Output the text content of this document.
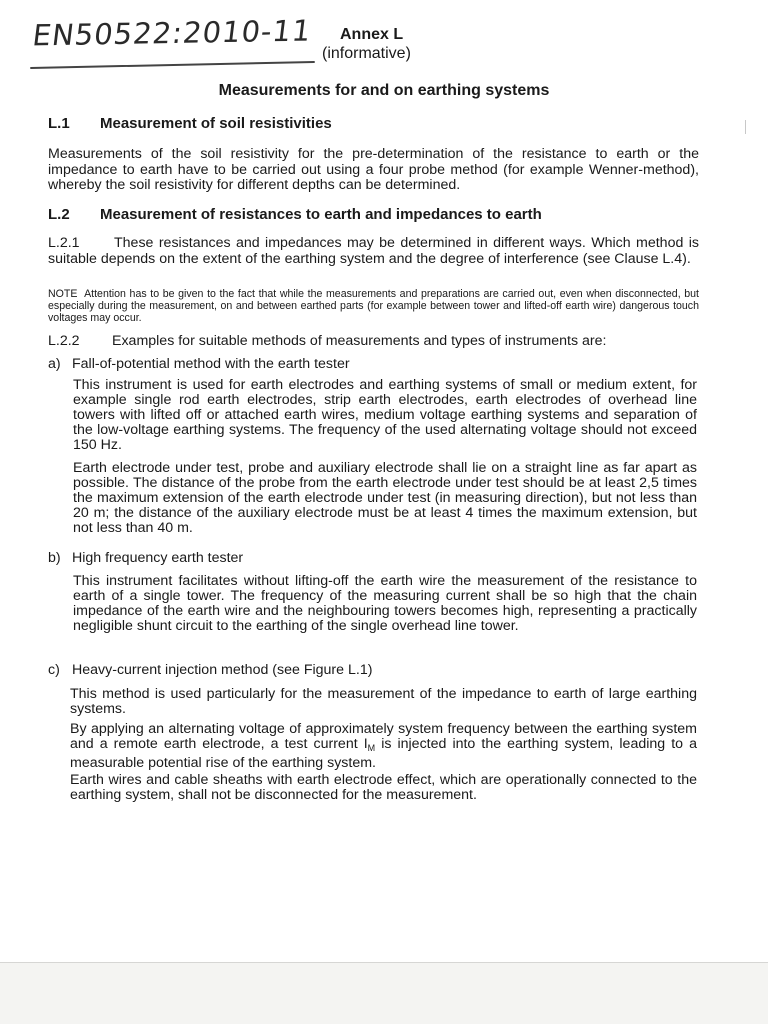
EN50522:2010-11 Annex L
(informative)
Measurements for and on earthing systems
L.1 Measurement of soil resistivities
Measurements of the soil resistivity for the pre-determination of the resistance to earth or the impedance to earth have to be carried out using a four probe method (for example Wenner-method), whereby the soil resistivity for different depths can be determined.
L.2 Measurement of resistances to earth and impedances to earth
L.2.1 These resistances and impedances may be determined in different ways. Which method is suitable depends on the extent of the earthing system and the degree of interference (see Clause L.4).
NOTE Attention has to be given to the fact that while the measurements and preparations are carried out, even when disconnected, but especially during the measurement, on and between earthed parts (for example between tower and lifted-off earth wire) dangerous touch voltages may occur.
L.2.2 Examples for suitable methods of measurements and types of instruments are:
a) Fall-of-potential method with the earth tester
This instrument is used for earth electrodes and earthing systems of small or medium extent, for example single rod earth electrodes, strip earth electrodes, earth electrodes of overhead line towers with lifted off or attached earth wires, medium voltage earthing systems and separation of the low-voltage earthing systems. The frequency of the used alternating voltage should not exceed 150 Hz.
Earth electrode under test, probe and auxiliary electrode shall lie on a straight line as far apart as possible. The distance of the probe from the earth electrode under test should be at least 2,5 times the maximum extension of the earth electrode under test (in measuring direction), but not less than 20 m; the distance of the auxiliary electrode must be at least 4 times the maximum extension, but not less than 40 m.
b) High frequency earth tester
This instrument facilitates without lifting-off the earth wire the measurement of the resistance to earth of a single tower. The frequency of the measuring current shall be so high that the chain impedance of the earth wire and the neighbouring towers becomes high, representing a practically negligible shunt circuit to the earthing of the single overhead line tower.
c) Heavy-current injection method (see Figure L.1)
This method is used particularly for the measurement of the impedance to earth of large earthing systems.
By applying an alternating voltage of approximately system frequency between the earthing system and a remote earth electrode, a test current $I_M$ is injected into the earthing system, leading to a measurable potential rise of the earthing system.
Earth wires and cable sheaths with earth electrode effect, which are operationally connected to the earthing system, shall not be disconnected for the measurement.
